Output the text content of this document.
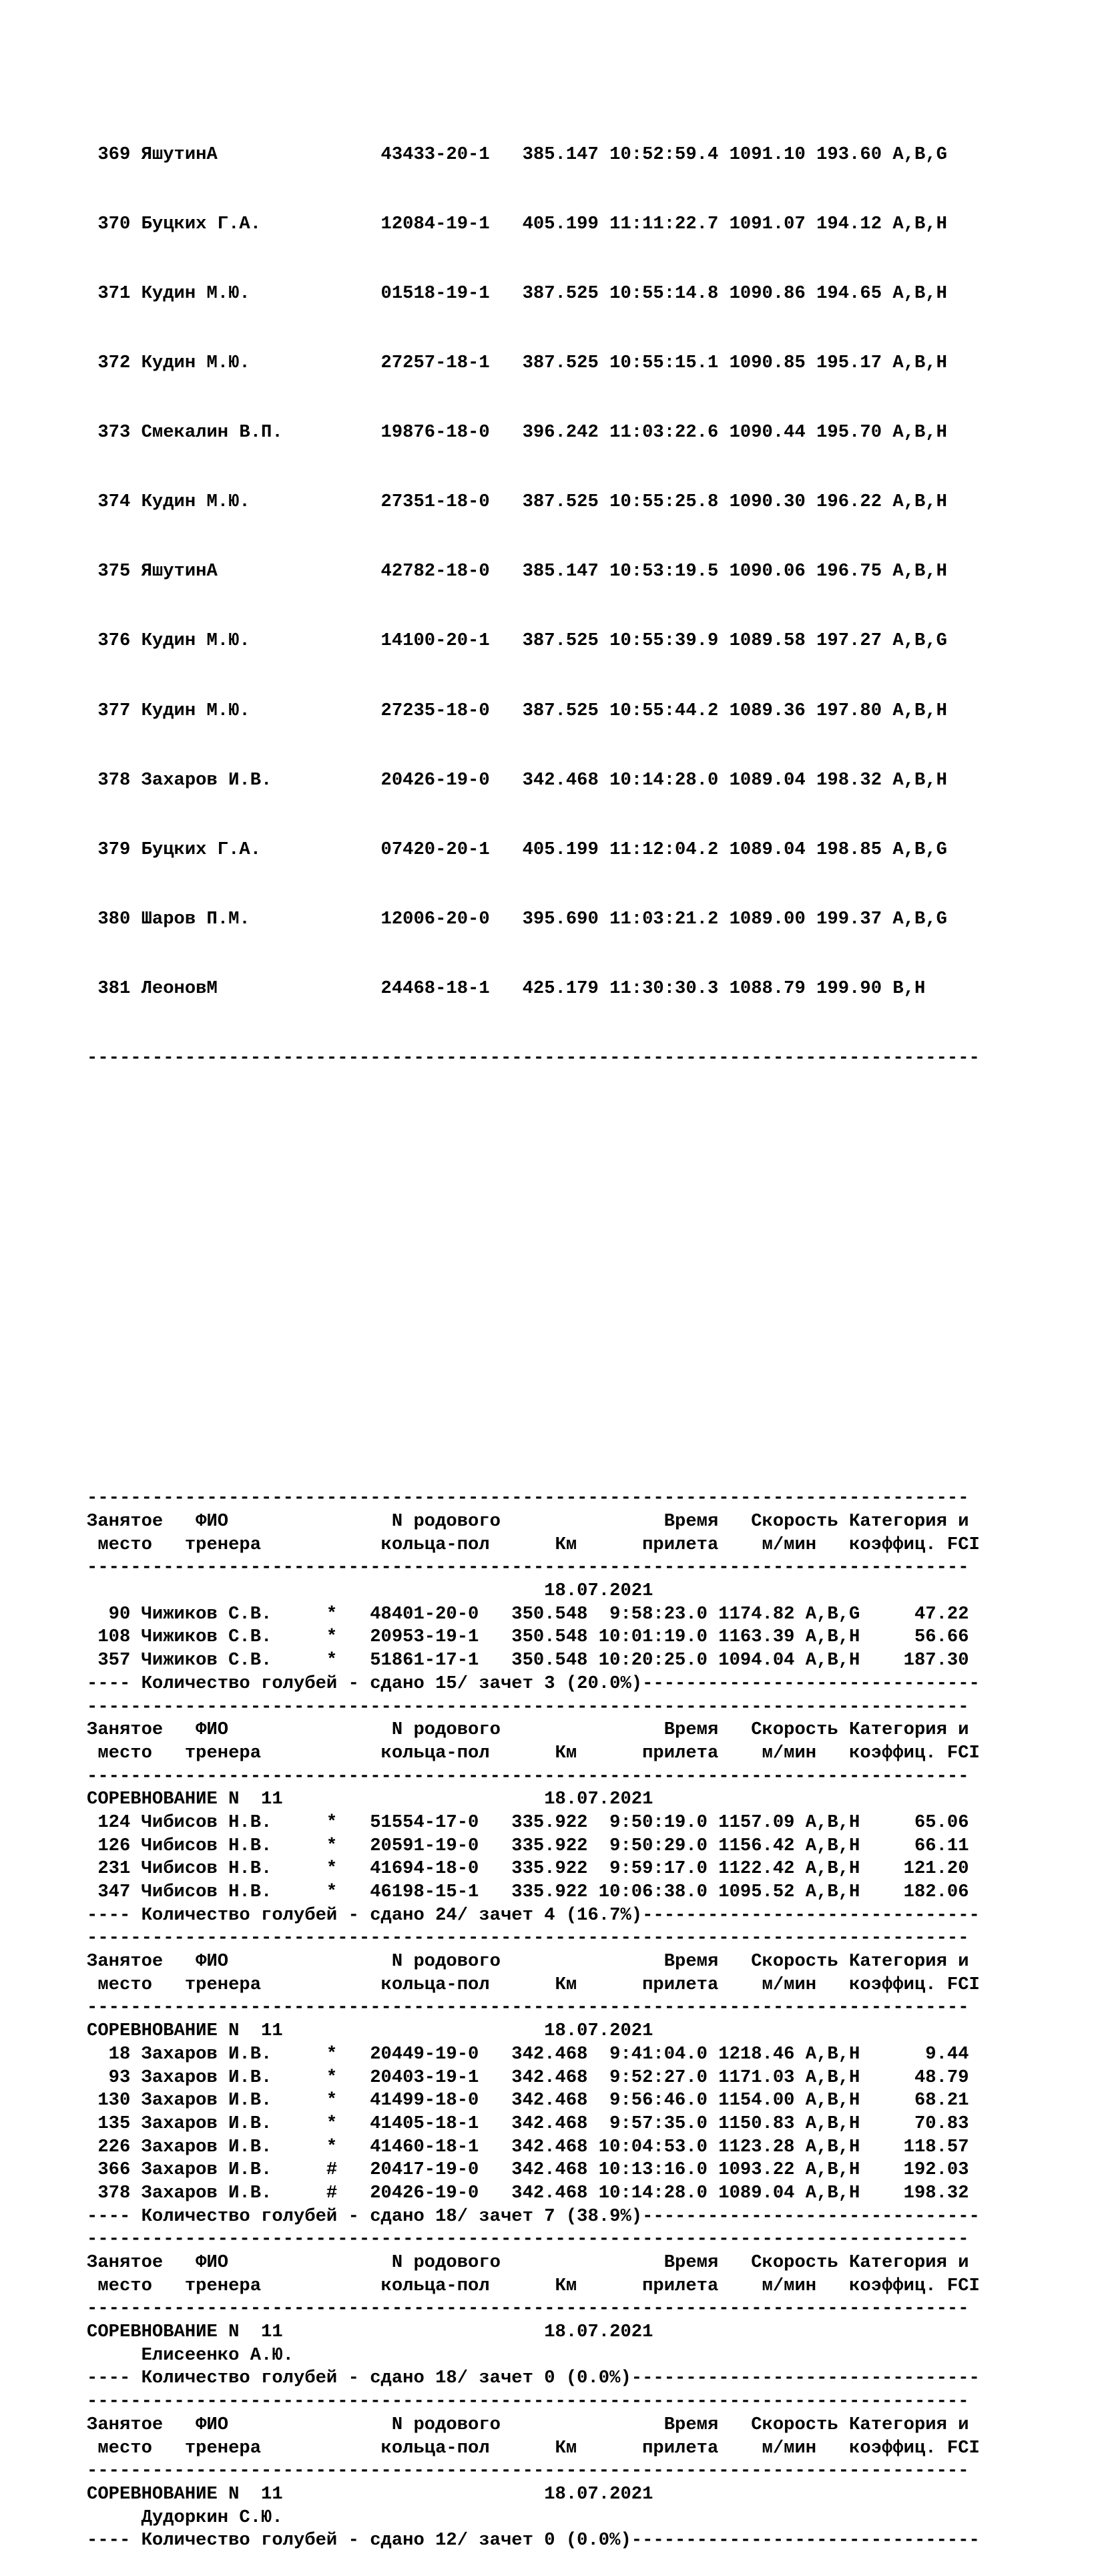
369 ЯшутинА               43433-20-1   385.147 10:52:59.4 1091.10 193.60 A,B,G

370 Буцких Г.А.           12084-19-1   405.199 11:11:22.7 1091.07 194.12 A,B,H

371 Кудин М.Ю.            01518-19-1   387.525 10:55:14.8 1090.86 194.65 A,B,H

372 Кудин М.Ю.            27257-18-1   387.525 10:55:15.1 1090.85 195.17 A,B,H

373 Смекалин В.П.         19876-18-0   396.242 11:03:22.6 1090.44 195.70 A,B,H

374 Кудин М.Ю.            27351-18-0   387.525 10:55:25.8 1090.30 196.22 A,B,H

375 ЯшутинА               42782-18-0   385.147 10:53:19.5 1090.06 196.75 A,B,H

376 Кудин М.Ю.            14100-20-1   387.525 10:55:39.9 1089.58 197.27 A,B,G

377 Кудин М.Ю.            27235-18-0   387.525 10:55:44.2 1089.36 197.80 A,B,H

378 Захаров И.В.          20426-19-0   342.468 10:14:28.0 1089.04 198.32 A,B,H

379 Буцких Г.А.           07420-20-1   405.199 11:12:04.2 1089.04 198.85 A,B,G

380 Шаров П.М.            12006-20-0   395.690 11:03:21.2 1089.00 199.37 A,B,G

381 ЛеоновМ               24468-18-1   425.179 11:30:30.3 1088.79 199.90 B,H

----------------------------------------------------------------------------------

---------------------------------------------------------------------------------
Занятое   ФИО               N родового               Время   Скорость Категория и
место   тренера           кольца-пол      Км      прилета    м/мин   коэффиц. FCI
---------------------------------------------------------------------------------
18.07.2021
90 Чижиков С.В.     *   48401-20-0   350.548  9:58:23.0 1174.82 A,B,G     47.22
108 Чижиков С.В.     *   20953-19-1   350.548 10:01:19.0 1163.39 A,B,H     56.66
357 Чижиков С.В.     *   51861-17-1   350.548 10:20:25.0 1094.04 A,B,H    187.30
---- Количество голубей - сдано 15/ зачет 3 (20.0%)-------------------------------
---------------------------------------------------------------------------------
Занятое   ФИО               N родового               Время   Скорость Категория и
место   тренера           кольца-пол      Км      прилета    м/мин   коэффиц. FCI
---------------------------------------------------------------------------------
СОРЕВНОВАНИЕ N  11                        18.07.2021
124 Чибисов Н.В.     *   51554-17-0   335.922  9:50:19.0 1157.09 A,B,H     65.06
126 Чибисов Н.В.     *   20591-19-0   335.922  9:50:29.0 1156.42 A,B,H     66.11
231 Чибисов Н.В.     *   41694-18-0   335.922  9:59:17.0 1122.42 A,B,H    121.20
347 Чибисов Н.В.     *   46198-15-1   335.922 10:06:38.0 1095.52 A,B,H    182.06
---- Количество голубей - сдано 24/ зачет 4 (16.7%)-------------------------------
---------------------------------------------------------------------------------
Занятое   ФИО               N родового               Время   Скорость Категория и
место   тренера           кольца-пол      Км      прилета    м/мин   коэффиц. FCI
---------------------------------------------------------------------------------
СОРЕВНОВАНИЕ N  11                        18.07.2021
18 Захаров И.В.     *   20449-19-0   342.468  9:41:04.0 1218.46 A,B,H      9.44
93 Захаров И.В.     *   20403-19-1   342.468  9:52:27.0 1171.03 A,B,H     48.79
130 Захаров И.В.     *   41499-18-0   342.468  9:56:46.0 1154.00 A,B,H     68.21
135 Захаров И.В.     *   41405-18-1   342.468  9:57:35.0 1150.83 A,B,H     70.83
226 Захаров И.В.     *   41460-18-1   342.468 10:04:53.0 1123.28 A,B,H    118.57
366 Захаров И.В.     #   20417-19-0   342.468 10:13:16.0 1093.22 A,B,H    192.03
378 Захаров И.В.     #   20426-19-0   342.468 10:14:28.0 1089.04 A,B,H    198.32
---- Количество голубей - сдано 18/ зачет 7 (38.9%)-------------------------------
---------------------------------------------------------------------------------
Занятое   ФИО               N родового               Время   Скорость Категория и
место   тренера           кольца-пол      Км      прилета    м/мин   коэффиц. FCI
---------------------------------------------------------------------------------
СОРЕВНОВАНИЕ N  11                        18.07.2021
Елисеенко А.Ю.
---- Количество голубей - сдано 18/ зачет 0 (0.0%)--------------------------------
---------------------------------------------------------------------------------
Занятое   ФИО               N родового               Время   Скорость Категория и
место   тренера           кольца-пол      Км      прилета    м/мин   коэффиц. FCI
---------------------------------------------------------------------------------
СОРЕВНОВАНИЕ N  11                        18.07.2021
Дудоркин С.Ю.
---- Количество голубей - сдано 12/ зачет 0 (0.0%)--------------------------------
